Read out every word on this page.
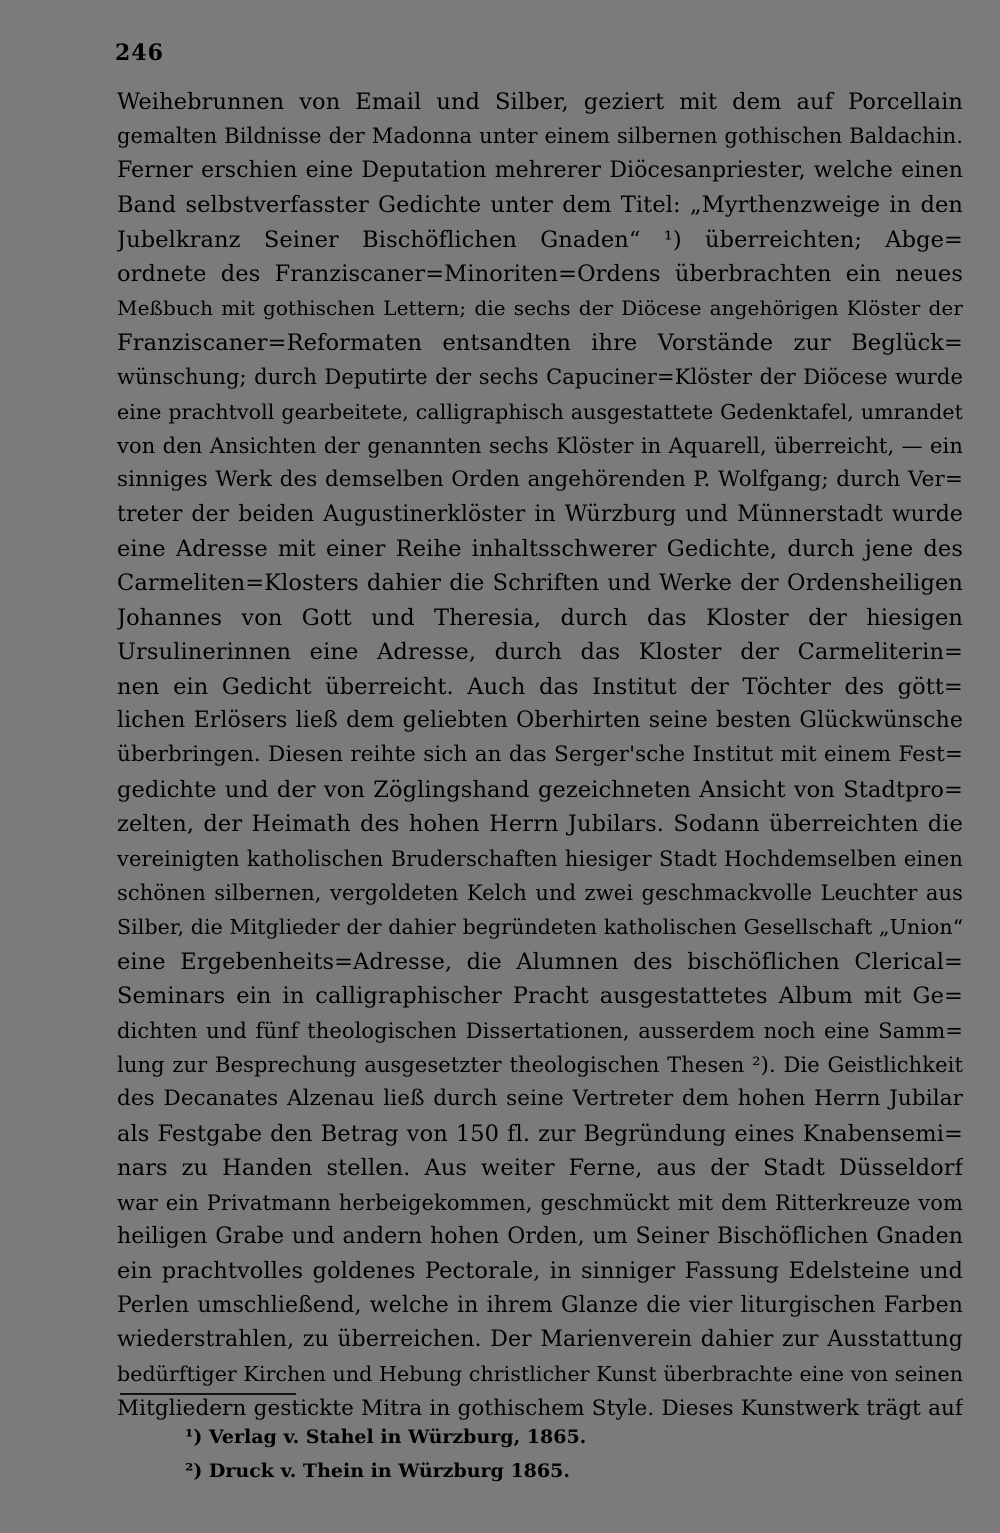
246
Weihebrunnen von Email und Silber, geziert mit dem auf Porcellain
gemalten Bildnisse der Madonna unter einem silbernen gothischen Baldachin.
Ferner erschien eine Deputation mehrerer Diöcesanpriester, welche einen
Band selbstverfasster Gedichte unter dem Titel: „Myrthenzweige in den
Jubelkranz Seiner Bischöflichen Gnaden“ ¹) überreichten; Abge=
ordnete des Franziscaner=Minoriten=Ordens überbrachten ein neues
Meßbuch mit gothischen Lettern; die sechs der Diöcese angehörigen Klöster der
Franziscaner=Reformaten entsandten ihre Vorstände zur Beglück=
wünschung; durch Deputirte der sechs Capuciner=Klöster der Diöcese wurde
eine prachtvoll gearbeitete, calligraphisch ausgestattete Gedenktafel, umrandet
von den Ansichten der genannten sechs Klöster in Aquarell, überreicht, — ein
sinniges Werk des demselben Orden angehörenden P. Wolfgang; durch Ver=
treter der beiden Augustinerklöster in Würzburg und Münnerstadt wurde
eine Adresse mit einer Reihe inhaltsschwerer Gedichte, durch jene des
Carmeliten=Klosters dahier die Schriften und Werke der Ordensheiligen
Johannes von Gott und Theresia, durch das Kloster der hiesigen
Ursulinerinnen eine Adresse, durch das Kloster der Carmeliterin=
nen ein Gedicht überreicht. Auch das Institut der Töchter des gött=
lichen Erlösers ließ dem geliebten Oberhirten seine besten Glückwünsche
überbringen. Diesen reihte sich an das Serger'sche Institut mit einem Fest=
gedichte und der von Zöglingshand gezeichneten Ansicht von Stadtpro=
zelten, der Heimath des hohen Herrn Jubilars. Sodann überreichten die
vereinigten katholischen Bruderschaften hiesiger Stadt Hochdemselben einen
schönen silbernen, vergoldeten Kelch und zwei geschmackvolle Leuchter aus
Silber, die Mitglieder der dahier begründeten katholischen Gesellschaft „Union“
eine Ergebenheits=Adresse, die Alumnen des bischöflichen Clerical=
Seminars ein in calligraphischer Pracht ausgestattetes Album mit Ge=
dichten und fünf theologischen Dissertationen, ausserdem noch eine Samm=
lung zur Besprechung ausgesetzter theologischen Thesen ²). Die Geistlichkeit
des Decanates Alzenau ließ durch seine Vertreter dem hohen Herrn Jubilar
als Festgabe den Betrag von 150 fl. zur Begründung eines Knabensemi=
nars zu Handen stellen. Aus weiter Ferne, aus der Stadt Düsseldorf
war ein Privatmann herbeigekommen, geschmückt mit dem Ritterkreuze vom
heiligen Grabe und andern hohen Orden, um Seiner Bischöflichen Gnaden
ein prachtvolles goldenes Pectorale, in sinniger Fassung Edelsteine und
Perlen umschließend, welche in ihrem Glanze die vier liturgischen Farben
wiederstrahlen, zu überreichen. Der Marienverein dahier zur Ausstattung
bedürftiger Kirchen und Hebung christlicher Kunst überbrachte eine von seinen
Mitgliedern gestickte Mitra in gothischem Style. Dieses Kunstwerk trägt auf
¹) Verlag v. Stahel in Würzburg, 1865.
²) Druck v. Thein in Würzburg 1865.
